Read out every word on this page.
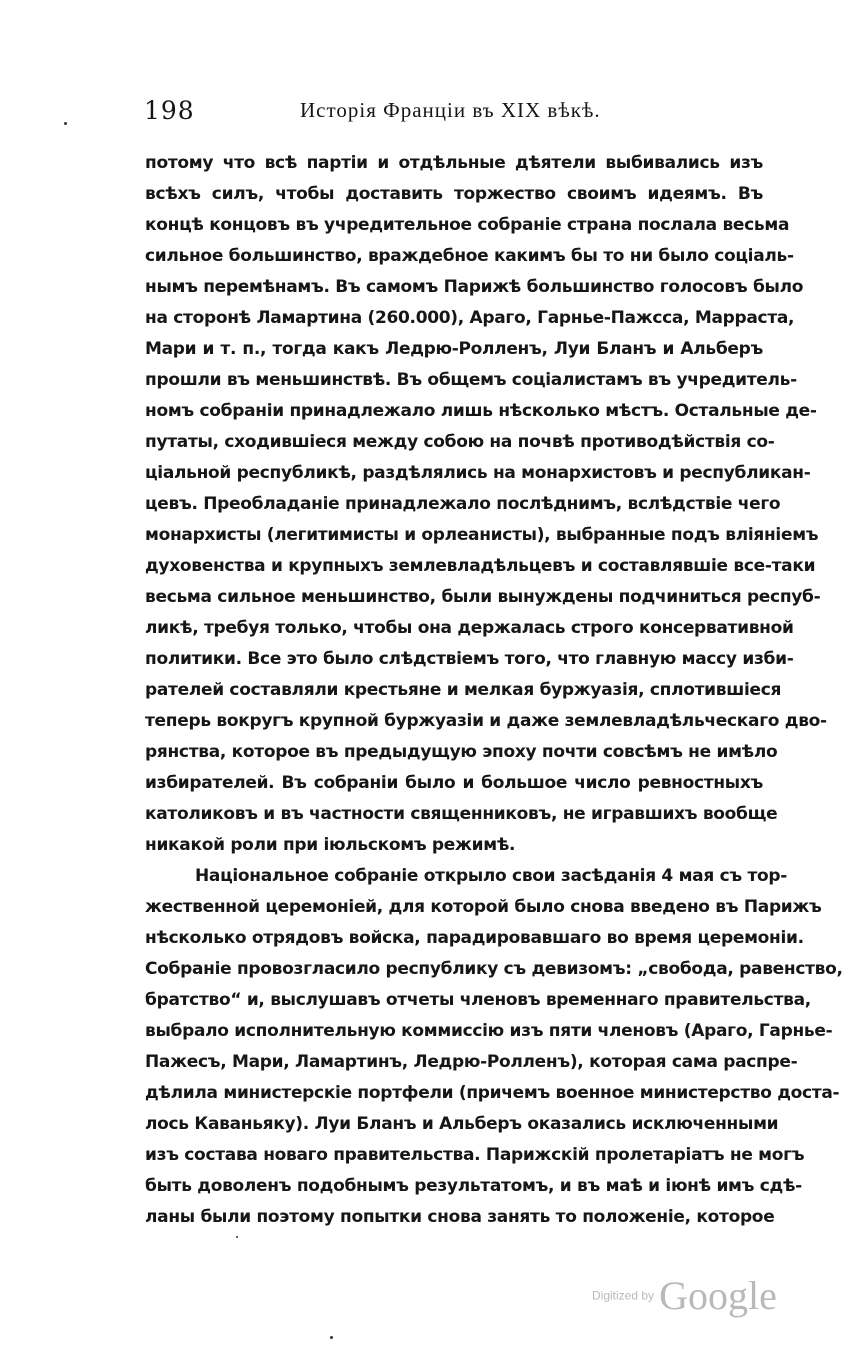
198	Исторія Франціи въ XIX вѣкѣ.
потому что всѣ партіи и отдѣльные дѣятели выбивались изъ
всѣхъ силъ, чтобы доставить торжество своимъ идеямъ. Въ
концѣ концовъ въ учредительное собраніе страна послала весьма
сильное большинство, враждебное какимъ бы то ни было соціаль-
нымъ перемѣнамъ. Въ самомъ Парижѣ большинство голосовъ было
на сторонѣ Ламартина (260.000), Араго, Гарнье-Пажсса, Марраста,
Мари и т. п., тогда какъ Ледрю-Ролленъ, Луи Бланъ и Альберъ
прошли въ меньшинствѣ. Въ общемъ соціалистамъ въ учредитель-
номъ собраніи принадлежало лишь нѣсколько мѣстъ. Остальные де-
путаты, сходившіеся между собою на почвѣ противодѣйствія со-
ціальной республикѣ, раздѣлялись на монархистовъ и республикан-
цевъ. Преобладаніе принадлежало послѣднимъ, вслѣдствіе чего
монархисты (легитимисты и орлеанисты), выбранные подъ вліяніемъ
духовенства и крупныхъ землевладѣльцевъ и составлявшіе все-таки
весьма сильное меньшинство, были вынуждены подчиниться респуб-
ликѣ, требуя только, чтобы она держалась строго консервативной
политики. Все это было слѣдствіемъ того, что главную массу изби-
рателей составляли крестьяне и мелкая буржуазія, сплотившіеся
теперь вокругъ крупной буржуазіи и даже землевладѣльческаго дво-
рянства, которое въ предыдущую эпоху почти совсѣмъ не имѣло
избирателей. Въ собраніи было и большое число ревностныхъ
католиковъ и въ частности священниковъ, не игравшихъ вообще
никакой роли при іюльскомъ режимѣ.
Національное собраніе открыло свои засѣданія 4 мая съ тор-
жественной церемоніей, для которой было снова введено въ Парижъ
нѣсколько отрядовъ войска, парадировавшаго во время церемоніи.
Собраніе провозгласило республику съ девизомъ: „свобода, равенство,
братство“ и, выслушавъ отчеты членовъ временнаго правительства,
выбрало исполнительную коммиссію изъ пяти членовъ (Араго, Гарнье-
Пажесъ, Мари, Ламартинъ, Ледрю-Ролленъ), которая сама распре-
дѣлила министерскіе портфели (причемъ военное министерство доста-
лось Каваньяку). Луи Бланъ и Альберъ оказались исключенными
изъ состава новаго правительства. Парижскій пролетаріатъ не могъ
быть доволенъ подобнымъ результатомъ, и въ маѣ и іюнѣ имъ сдѣ-
ланы были поэтому попытки снова занять то положеніе, которое
Digitized by Google
